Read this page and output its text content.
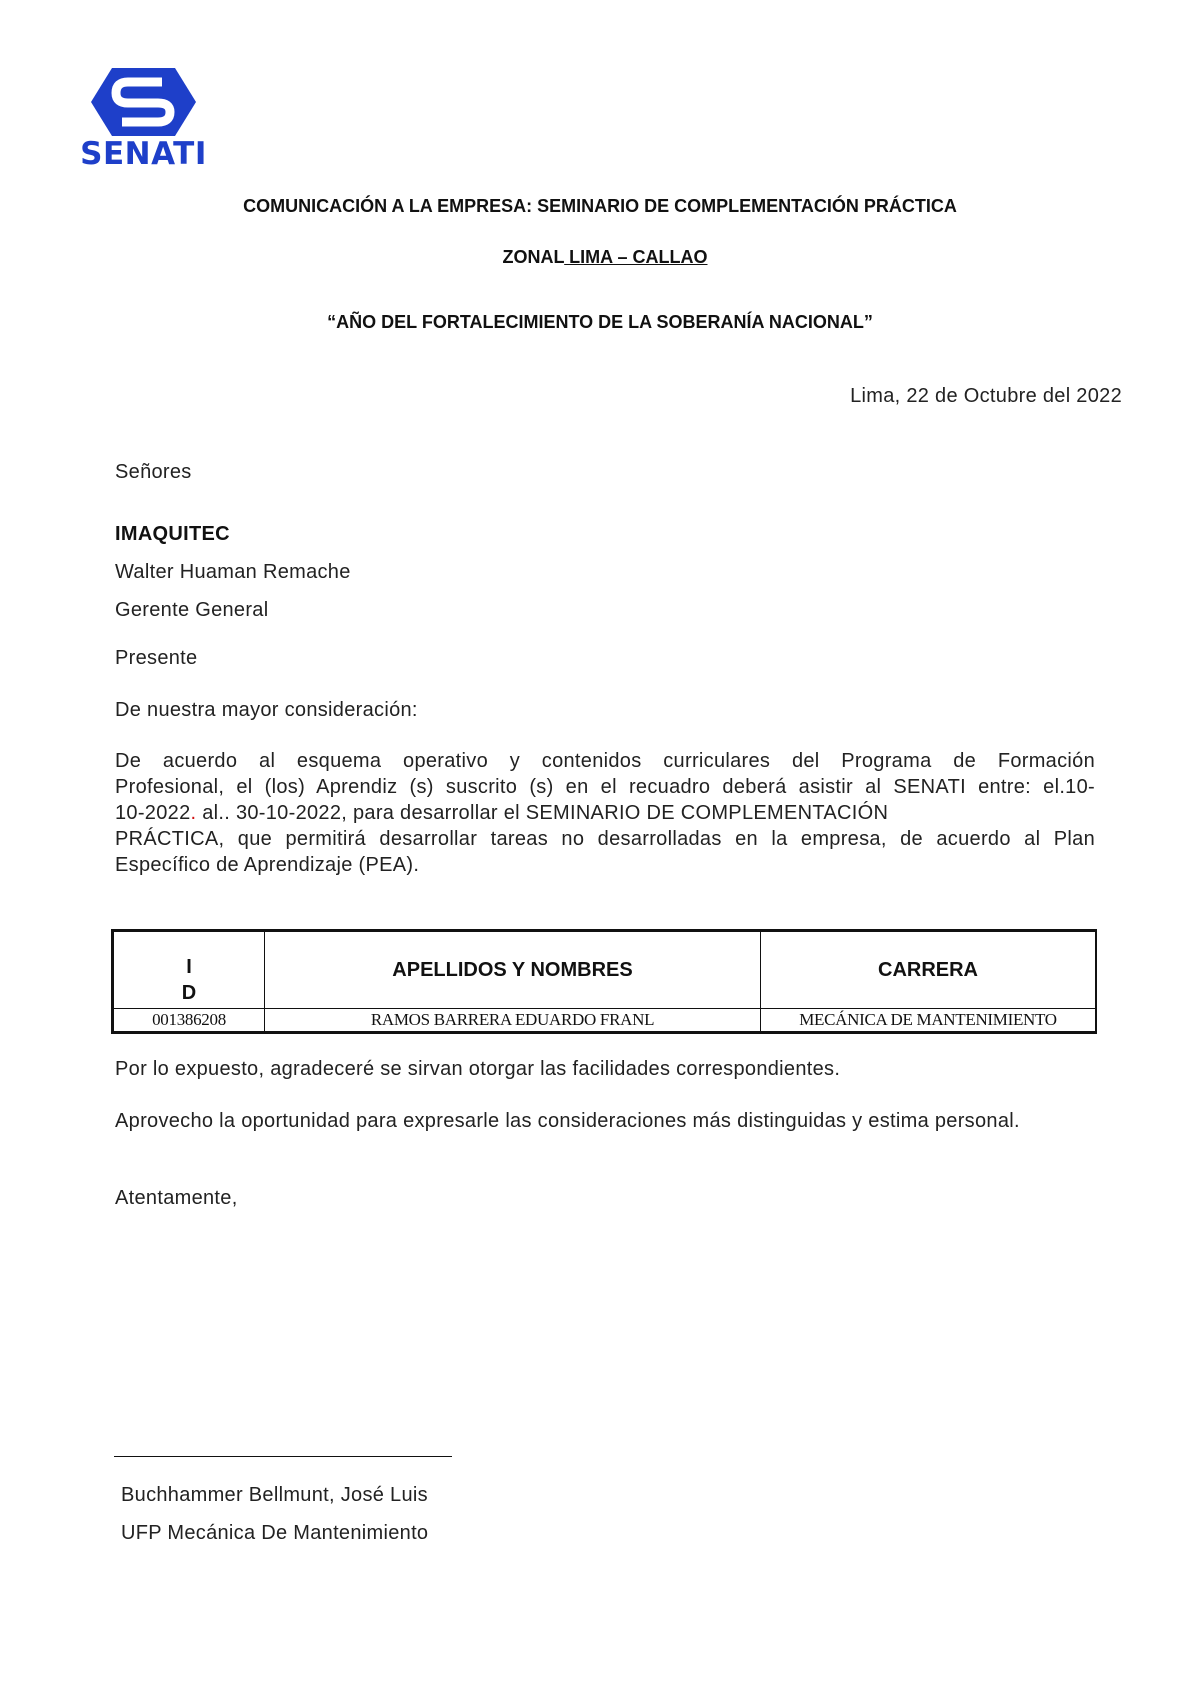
SENATI
COMUNICACIÓN A LA EMPRESA: SEMINARIO DE COMPLEMENTACIÓN PRÁCTICA
ZONAL LIMA – CALLAO
“AÑO DEL FORTALECIMIENTO DE LA SOBERANÍA NACIONAL”
Lima, 22 de Octubre del 2022
Señores
IMAQUITEC
Walter Huaman Remache
Gerente General
Presente
De nuestra mayor consideración:
De acuerdo al esquema operativo y contenidos curriculares del Programa de Formación
Profesional, el (los) Aprendiz (s) suscrito (s) en el recuadro deberá asistir al SENATI entre: el.10-
10-2022. al.. 30-10-2022, para desarrollar el SEMINARIO DE COMPLEMENTACIÓN
PRÁCTICA, que permitirá desarrollar tareas no desarrolladas en la empresa, de acuerdo al Plan
Específico de Aprendizaje (PEA).
I
D	APELLIDOS Y NOMBRES	CARRERA
001386208	RAMOS BARRERA EDUARDO FRANL	MECÁNICA DE MANTENIMIENTO
Por lo expuesto, agradeceré se sirvan otorgar las facilidades correspondientes.
Aprovecho la oportunidad para expresarle las consideraciones más distinguidas y estima personal.
Atentamente,
Buchhammer Bellmunt, José Luis
UFP Mecánica De Mantenimiento
